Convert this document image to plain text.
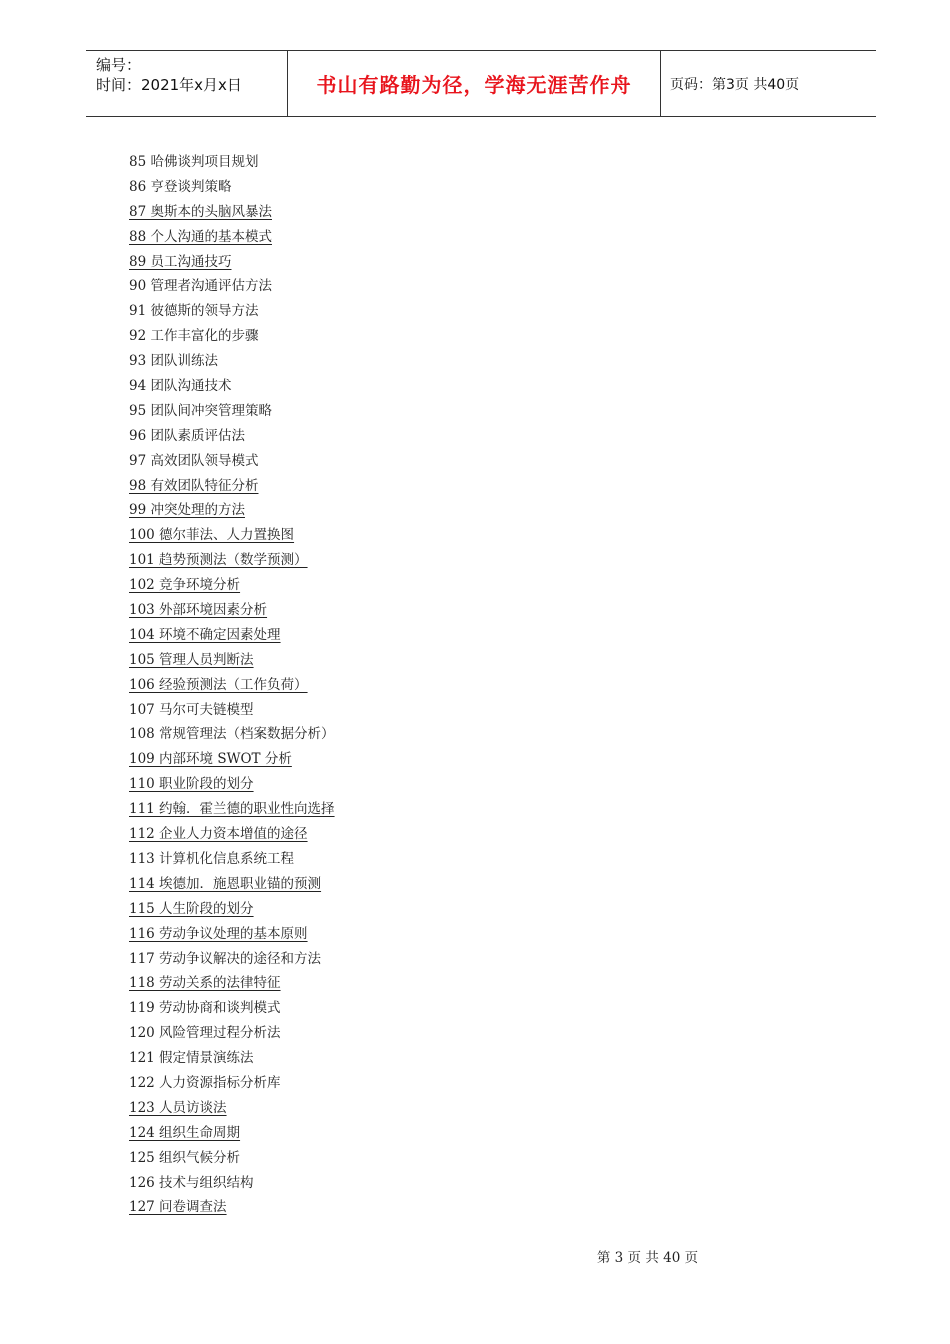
编号：
时间：2021年x月x日	书山有路勤为径，学海无涯苦作舟	页码：第3页 共40页
85 哈佛谈判项目规划
86 亨登谈判策略
87 奥斯本的头脑风暴法
88 个人沟通的基本模式
89 员工沟通技巧
90 管理者沟通评估方法
91 彼德斯的领导方法
92 工作丰富化的步骤
93 团队训练法
94 团队沟通技术
95 团队间冲突管理策略
96 团队素质评估法
97 高效团队领导模式
98 有效团队特征分析
99 冲突处理的方法
100 德尔菲法、人力置换图
101 趋势预测法（数学预测）
102 竞争环境分析
103 外部环境因素分析
104 环境不确定因素处理
105 管理人员判断法
106 经验预测法（工作负荷）
107 马尔可夫链模型
108 常规管理法（档案数据分析）
109 内部环境 SWOT 分析
110 职业阶段的划分
111 约翰．霍兰德的职业性向选择
112 企业人力资本增值的途径
113 计算机化信息系统工程
114 埃德加．施恩职业锚的预测
115 人生阶段的划分
116 劳动争议处理的基本原则
117 劳动争议解决的途径和方法
118 劳动关系的法律特征
119 劳动协商和谈判模式
120 风险管理过程分析法
121 假定情景演练法
122 人力资源指标分析库
123 人员访谈法
124 组织生命周期
125 组织气候分析
126 技术与组织结构
127 问卷调查法
第 3 页 共 40 页
